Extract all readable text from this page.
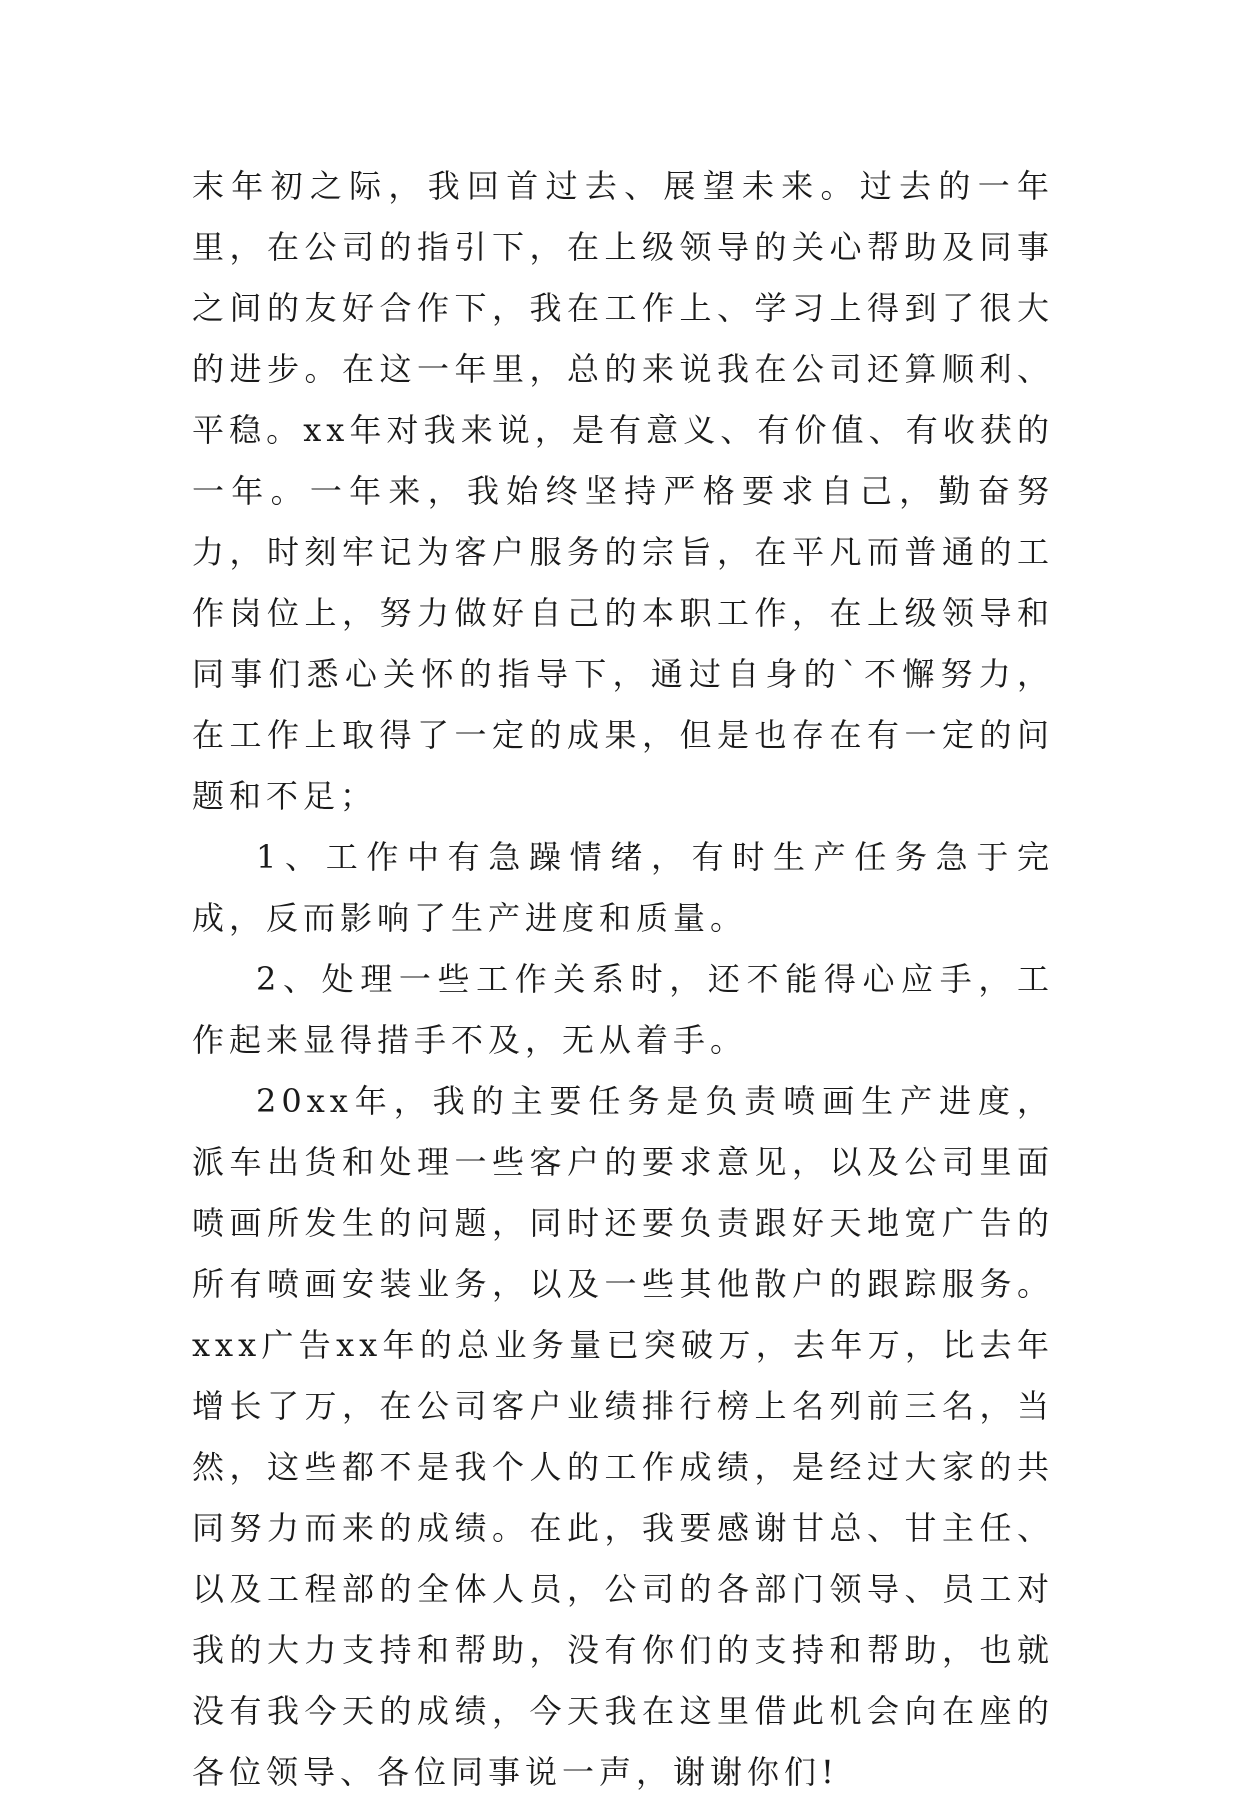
末年初之际，我回首过去、展望未来。过去的一年里，在公司的指引下，在上级领导的关心帮助及同事之间的友好合作下，我在工作上、学习上得到了很大的进步。在这一年里，总的来说我在公司还算顺利、平稳。xx年对我来说，是有意义、有价值、有收获的一年。一年来，我始终坚持严格要求自己，勤奋努力，时刻牢记为客户服务的宗旨，在平凡而普通的工作岗位上，努力做好自己的本职工作，在上级领导和同事们悉心关怀的指导下，通过自身的`不懈努力，在工作上取得了一定的成果，但是也存在有一定的问题和不足；

1、工作中有急躁情绪，有时生产任务急于完成，反而影响了生产进度和质量。

2、处理一些工作关系时，还不能得心应手，工作起来显得措手不及，无从着手。

20xx年，我的主要任务是负责喷画生产进度，派车出货和处理一些客户的要求意见，以及公司里面喷画所发生的问题，同时还要负责跟好天地宽广告的所有喷画安装业务，以及一些其他散户的跟踪服务。xxx广告xx年的总业务量已突破万，去年万，比去年增长了万，在公司客户业绩排行榜上名列前三名，当然，这些都不是我个人的工作成绩，是经过大家的共同努力而来的成绩。在此，我要感谢甘总、甘主任、以及工程部的全体人员，公司的各部门领导、员工对我的大力支持和帮助，没有你们的支持和帮助，也就没有我今天的成绩，今天我在这里借此机会向在座的各位领导、各位同事说一声，谢谢你们!
